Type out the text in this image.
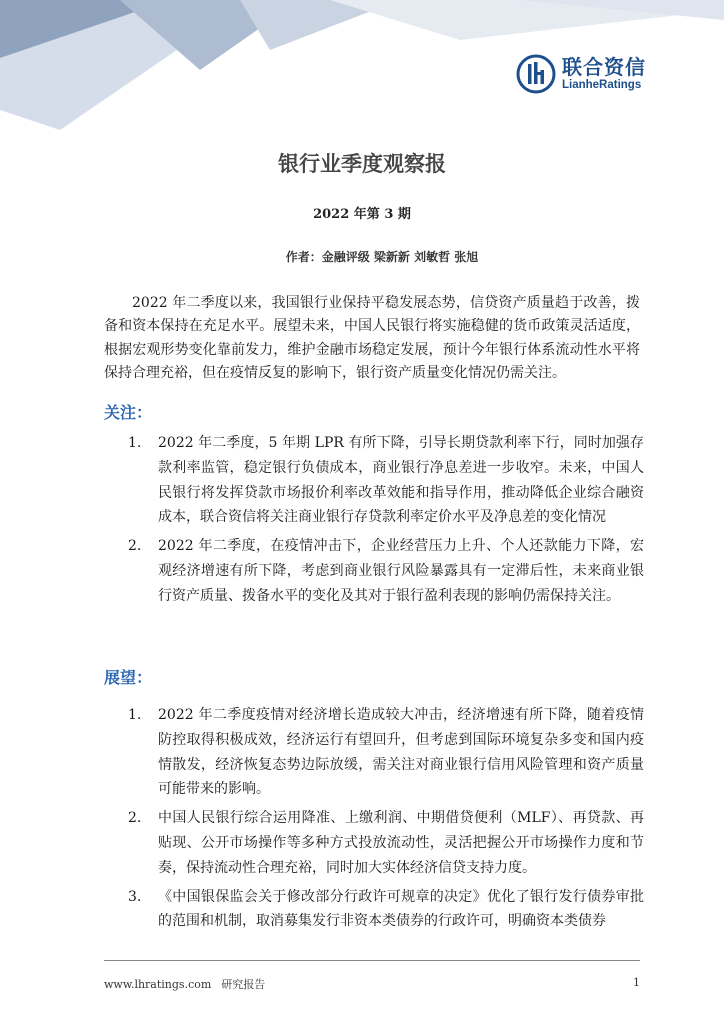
联合资信
LianheRatings
银行业季度观察报
2022 年第 3 期
作者：金融评级 梁新新 刘敏哲 张旭

2022 年二季度以来，我国银行业保持平稳发展态势，信贷资产质量趋于改善，拨备和资本保持在充足水平。展望未来，中国人民银行将实施稳健的货币政策灵活适度，根据宏观形势变化靠前发力，维护金融市场稳定发展，预计今年银行体系流动性水平将保持合理充裕，但在疫情反复的影响下，银行资产质量变化情况仍需关注。

关注：
1. 2022 年二季度，5 年期 LPR 有所下降，引导长期贷款利率下行，同时加强存款利率监管，稳定银行负债成本，商业银行净息差进一步收窄。未来，中国人民银行将发挥贷款市场报价利率改革效能和指导作用，推动降低企业综合融资成本，联合资信将关注商业银行存贷款利率定价水平及净息差的变化情况
2. 2022 年二季度，在疫情冲击下，企业经营压力上升、个人还款能力下降，宏观经济增速有所下降，考虑到商业银行风险暴露具有一定滞后性，未来商业银行资产质量、拨备水平的变化及其对于银行盈利表现的影响仍需保持关注。
展望：
1. 2022 年二季度疫情对经济增长造成较大冲击，经济增速有所下降，随着疫情防控取得积极成效，经济运行有望回升，但考虑到国际环境复杂多变和国内疫情散发，经济恢复态势边际放缓，需关注对商业银行信用风险管理和资产质量可能带来的影响。
2. 中国人民银行综合运用降准、上缴利润、中期借贷便利（MLF）、再贷款、再贴现、公开市场操作等多种方式投放流动性，灵活把握公开市场操作力度和节奏，保持流动性合理充裕，同时加大实体经济信贷支持力度。
3. 《中国银保监会关于修改部分行政许可规章的决定》优化了银行发行债券审批的范围和机制，取消募集发行非资本类债券的行政许可，明确资本类债券
www.lhratings.com 研究报告	1
